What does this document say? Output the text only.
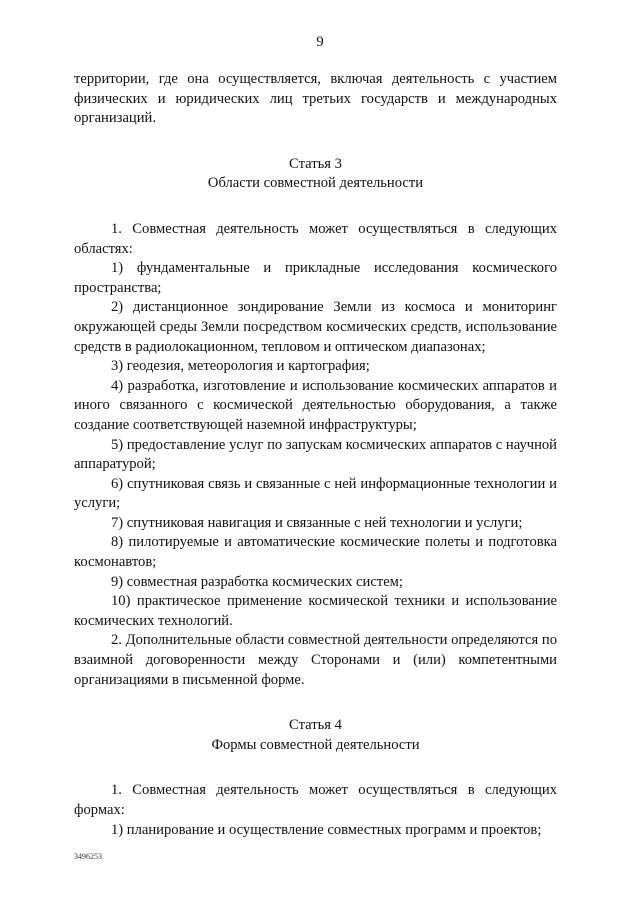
9

территории, где она осуществляется, включая деятельность с участием физических и юридических лиц третьих государств и международных организаций.

Статья 3

Области совместной деятельности

1. Совместная деятельность может осуществляться в следующих областях:

1) фундаментальные и прикладные исследования космического пространства;

2) дистанционное зондирование Земли из космоса и мониторинг окружающей среды Земли посредством космических средств, использование средств в радиолокационном, тепловом и оптическом диапазонах;

3) геодезия, метеорология и картография;

4) разработка, изготовление и использование космических аппаратов и иного связанного с космической деятельностью оборудования, а также создание соответствующей наземной инфраструктуры;

5) предоставление услуг по запускам космических аппаратов с научной аппаратурой;

6) спутниковая связь и связанные с ней информационные технологии и услуги;

7) спутниковая навигация и связанные с ней технологии и услуги;

8) пилотируемые и автоматические космические полеты и подготовка космонавтов;

9) совместная разработка космических систем;

10) практическое применение космической техники и использование космических технологий.

2. Дополнительные области совместной деятельности определяются по взаимной договоренности между Сторонами и (или) компетентными организациями в письменной форме.

Статья 4

Формы совместной деятельности

1. Совместная деятельность может осуществляться в следующих формах:

1) планирование и осуществление совместных программ и проектов;

3496253
